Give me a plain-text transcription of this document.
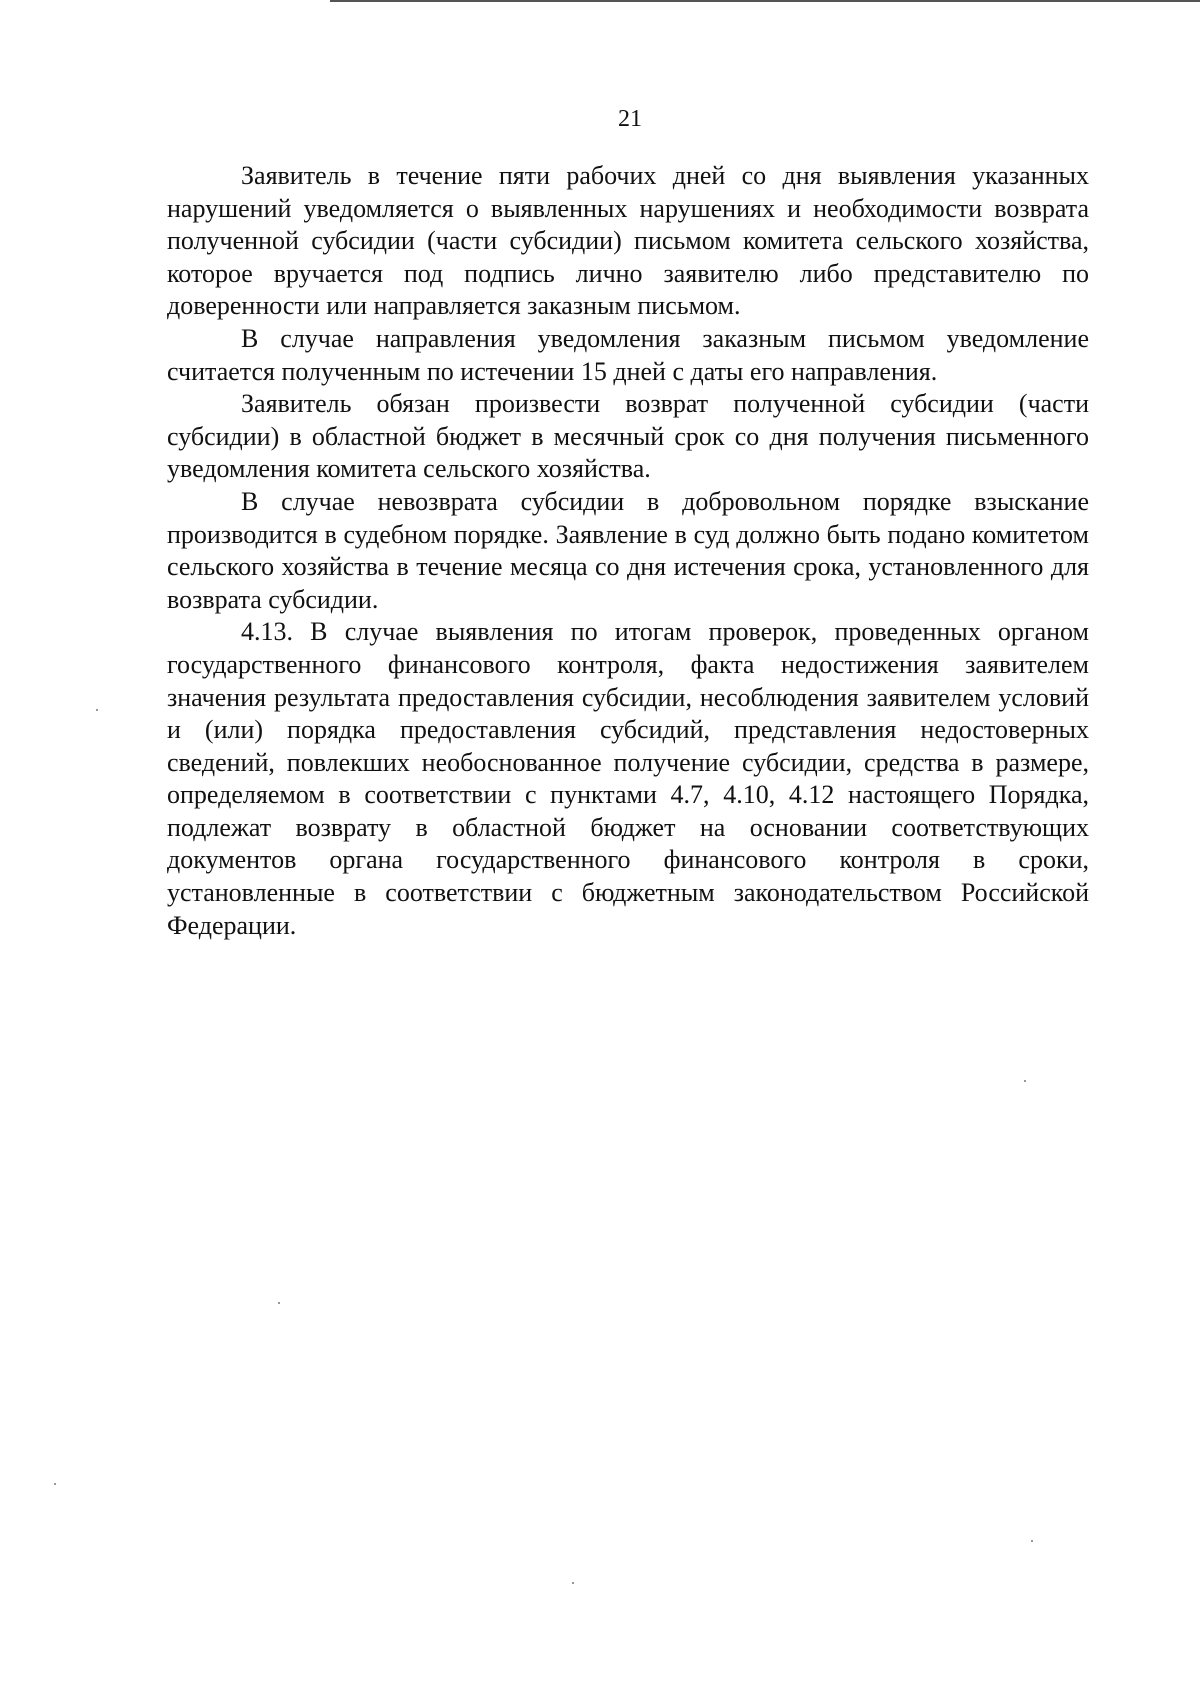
21

Заявитель в течение пяти рабочих дней со дня выявления указанных нарушений уведомляется о выявленных нарушениях и необходимости возврата полученной субсидии (части субсидии) письмом комитета сельского хозяйства, которое вручается под подпись лично заявителю либо представителю по доверенности или направляется заказным письмом.

В случае направления уведомления заказным письмом уведомление считается полученным по истечении 15 дней с даты его направления.

Заявитель обязан произвести возврат полученной субсидии (части субсидии) в областной бюджет в месячный срок со дня получения письменного уведомления комитета сельского хозяйства.

В случае невозврата субсидии в добровольном порядке взыскание производится в судебном порядке. Заявление в суд должно быть подано комитетом сельского хозяйства в течение месяца со дня истечения срока, установленного для возврата субсидии.

4.13. В случае выявления по итогам проверок, проведенных органом государственного финансового контроля, факта недостижения заявителем значения результата предоставления субсидии, несоблюдения заявителем условий и (или) порядка предоставления субсидий, представления недостоверных сведений, повлекших необоснованное получение субсидии, средства в размере, определяемом в соответствии с пунктами 4.7, 4.10, 4.12 настоящего Порядка, подлежат возврату в областной бюджет на основании соответствующих документов органа государственного финансового контроля в сроки, установленные в соответствии с бюджетным законодательством Российской Федерации.
